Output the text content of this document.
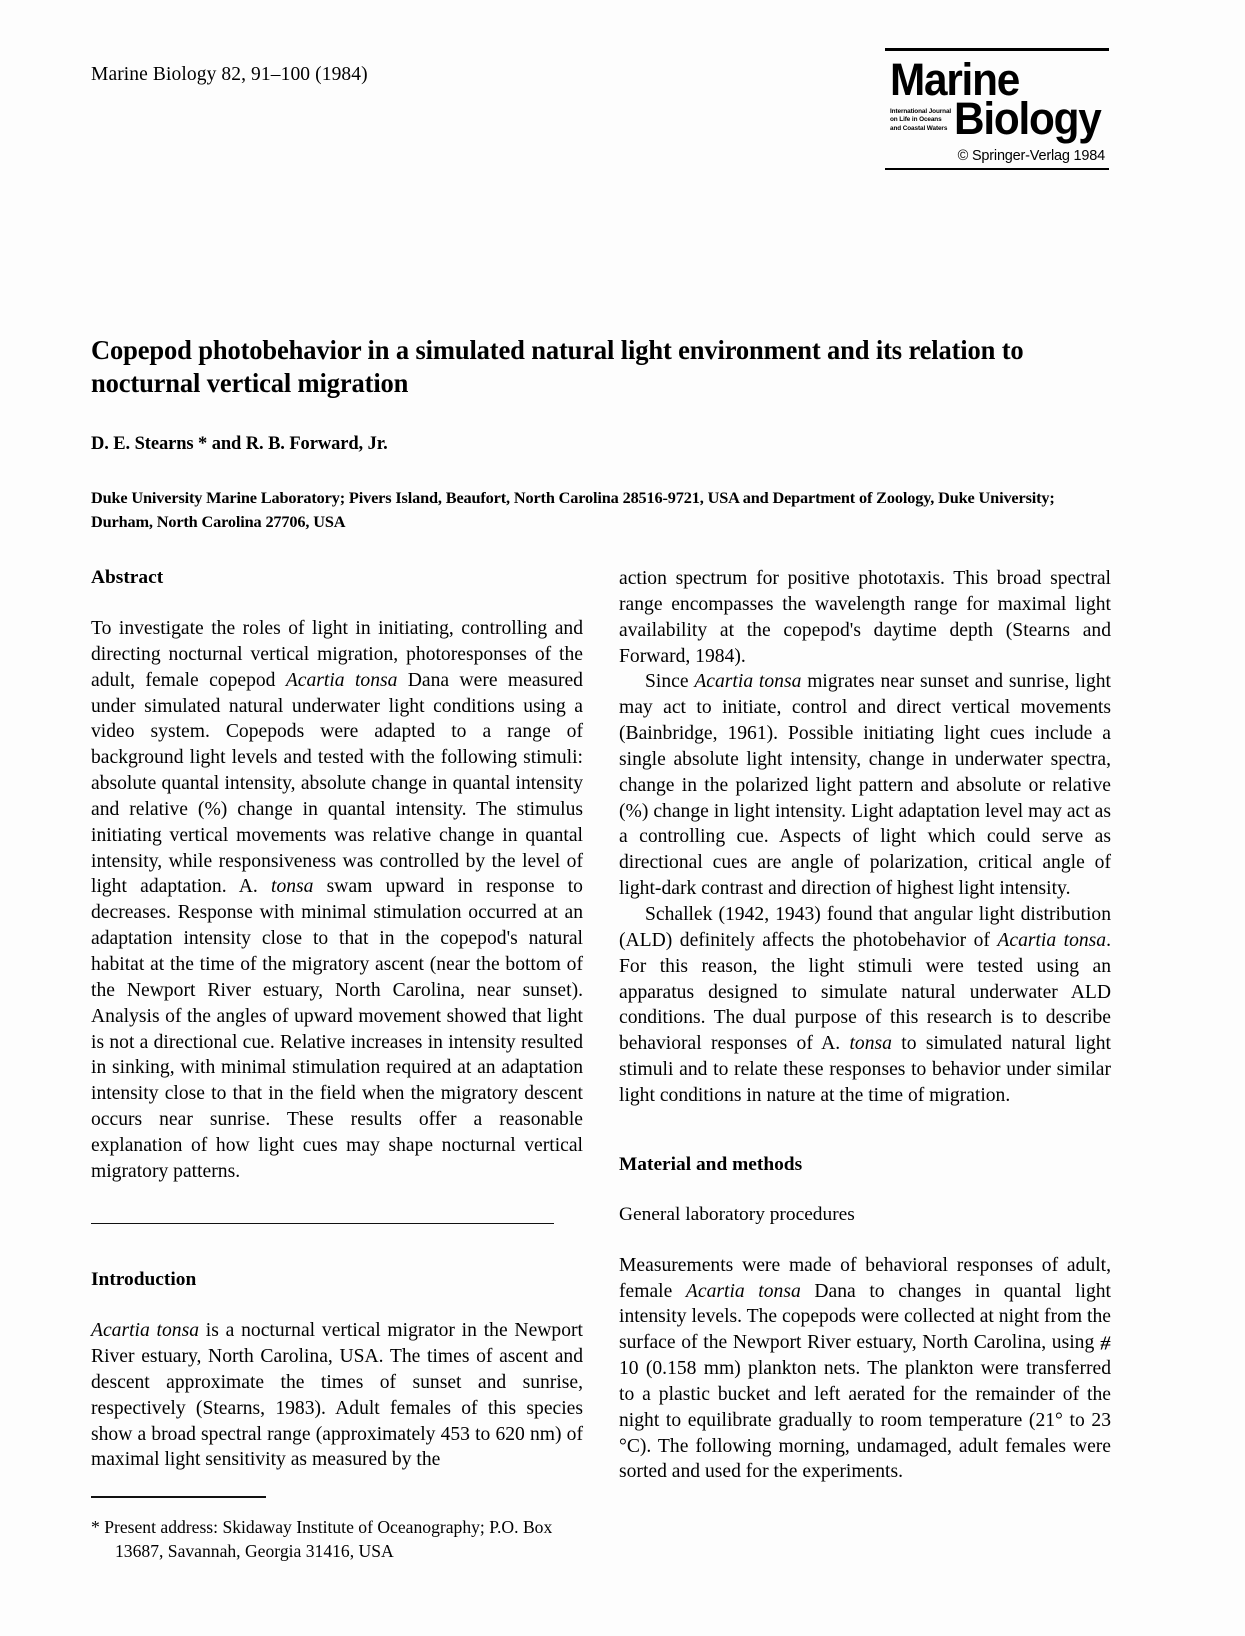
Marine Biology 82, 91–100 (1984)	Marine
International Journal on Life in Oceans and Coastal Waters Biology
© Springer-Verlag 1984
Copepod photobehavior in a simulated natural light environment and its relation to nocturnal vertical migration
D. E. Stearns * and R. B. Forward, Jr.
Duke University Marine Laboratory; Pivers Island, Beaufort, North Carolina 28516-9721, USA and Department of Zoology, Duke University; Durham, North Carolina 27706, USA
Abstract

To investigate the roles of light in initiating, controlling and directing nocturnal vertical migration, photoresponses of the adult, female copepod Acartia tonsa Dana were measured under simulated natural underwater light conditions using a video system. Copepods were adapted to a range of background light levels and tested with the following stimuli: absolute quantal intensity, absolute change in quantal intensity and relative (%) change in quantal intensity. The stimulus initiating vertical movements was relative change in quantal intensity, while responsiveness was controlled by the level of light adaptation. A. tonsa swam upward in response to decreases. Response with minimal stimulation occurred at an adaptation intensity close to that in the copepod's natural habitat at the time of the migratory ascent (near the bottom of the Newport River estuary, North Carolina, near sunset). Analysis of the angles of upward movement showed that light is not a directional cue. Relative increases in intensity resulted in sinking, with minimal stimulation required at an adaptation intensity close to that in the field when the migratory descent occurs near sunrise. These results offer a reasonable explanation of how light cues may shape nocturnal vertical migratory patterns.

Introduction

Acartia tonsa is a nocturnal vertical migrator in the Newport River estuary, North Carolina, USA. The times of ascent and descent approximate the times of sunset and sunrise, respectively (Stearns, 1983). Adult females of this species show a broad spectral range (approximately 453 to 620 nm) of maximal light sensitivity as measured by the

* Present address: Skidaway Institute of Oceanography; P.O. Box 13687, Savannah, Georgia 31416, USA

action spectrum for positive phototaxis. This broad spectral range encompasses the wavelength range for maximal light availability at the copepod's daytime depth (Stearns and Forward, 1984).

Since Acartia tonsa migrates near sunset and sunrise, light may act to initiate, control and direct vertical movements (Bainbridge, 1961). Possible initiating light cues include a single absolute light intensity, change in underwater spectra, change in the polarized light pattern and absolute or relative (%) change in light intensity. Light adaptation level may act as a controlling cue. Aspects of light which could serve as directional cues are angle of polarization, critical angle of light-dark contrast and direction of highest light intensity.

Schallek (1942, 1943) found that angular light distribution (ALD) definitely affects the photobehavior of Acartia tonsa. For this reason, the light stimuli were tested using an apparatus designed to simulate natural underwater ALD conditions. The dual purpose of this research is to describe behavioral responses of A. tonsa to simulated natural light stimuli and to relate these responses to behavior under similar light conditions in nature at the time of migration.

Material and methods
General laboratory procedures

Measurements were made of behavioral responses of adult, female Acartia tonsa Dana to changes in quantal light intensity levels. The copepods were collected at night from the surface of the Newport River estuary, North Carolina, using ⧣ 10 (0.158 mm) plankton nets. The plankton were transferred to a plastic bucket and left aerated for the remainder of the night to equilibrate gradually to room temperature (21° to 23 °C). The following morning, undamaged, adult females were sorted and used for the experiments.
